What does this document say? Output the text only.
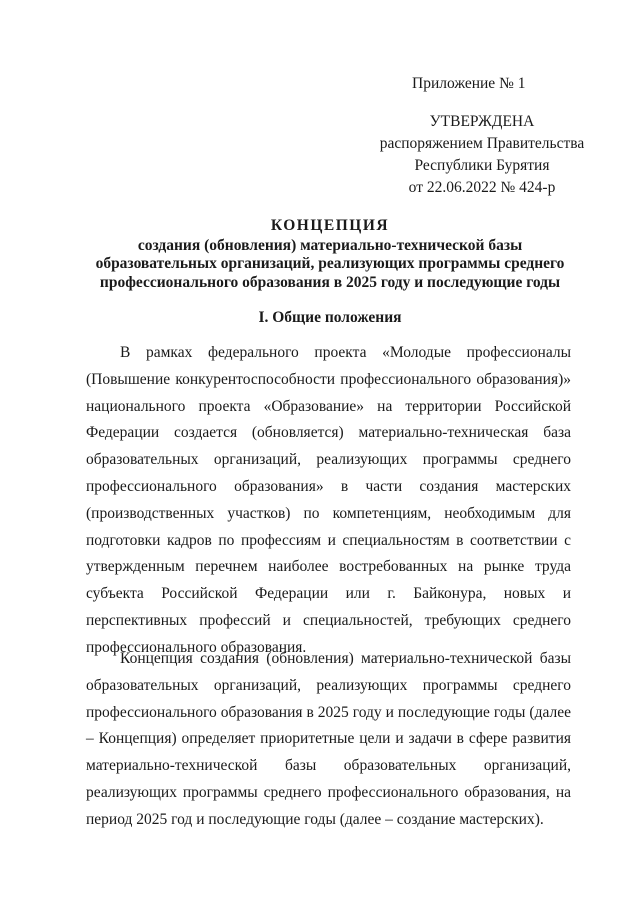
Приложение № 1
УТВЕРЖДЕНА
распоряжением Правительства
Республики Бурятия
от 22.06.2022 № 424-р
КОНЦЕПЦИЯ
создания (обновления) материально-технической базы
образовательных организаций, реализующих программы среднего
профессионального образования в 2025 году и последующие годы
I. Общие положения
В рамках федерального проекта «Молодые профессионалы (Повышение конкурентоспособности профессионального образования)» национального проекта «Образование» на территории Российской Федерации создается (обновляется) материально-техническая база образовательных организаций, реализующих программы среднего профессионального образования» в части создания мастерских (производственных участков) по компетенциям, необходимым для подготовки кадров по профессиям и специальностям в соответствии с утвержденным перечнем наиболее востребованных на рынке труда субъекта Российской Федерации или г. Байконура, новых и перспективных профессий и специальностей, требующих среднего профессионального образования.
Концепция создания (обновления) материально-технической базы образовательных организаций, реализующих программы среднего профессионального образования в 2025 году и последующие годы (далее – Концепция) определяет приоритетные цели и задачи в сфере развития материально-технической базы образовательных организаций, реализующих программы среднего профессионального образования, на период 2025 год и последующие годы (далее – создание мастерских).
